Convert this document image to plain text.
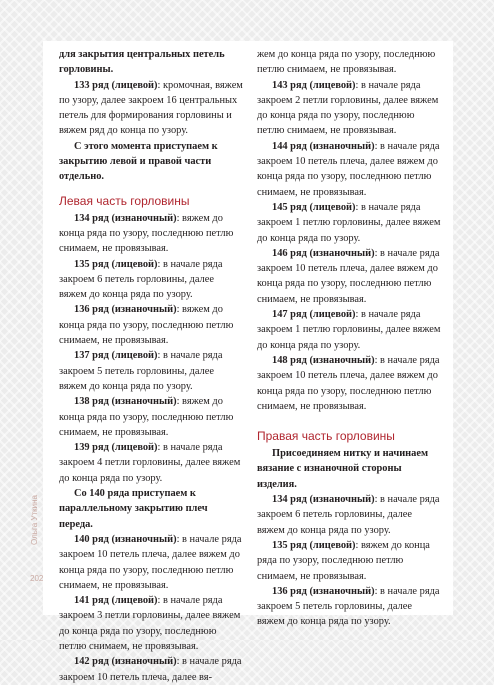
для закрытия центральных петель горловины.

133 ряд (лицевой): кромочная, вяжем по узору, далее закроем 16 центральных петель для формирования горловины и вяжем ряд до конца по узору.

С этого момента приступаем к закрытию левой и правой части отдельно.

Левая часть горловины

134 ряд (изнаночный): вяжем до конца ряда по узору, последнюю петлю снимаем, не провязывая.

135 ряд (лицевой): в начале ряда закроем 6 петель горловины, далее вяжем до конца ряда по узору.

136 ряд (изнаночный): вяжем до конца ряда по узору, последнюю петлю снимаем, не провязывая.

137 ряд (лицевой): в начале ряда закроем 5 петель горловины, далее вяжем до конца ряда по узору.

138 ряд (изнаночный): вяжем до конца ряда по узору, последнюю петлю снимаем, не провязывая.

139 ряд (лицевой): в начале ряда закроем 4 петли горловины, далее вяжем до конца ряда по узору.

Со 140 ряда приступаем к параллельному закрытию плеч переда.

140 ряд (изнаночный): в начале ряда закроем 10 петель плеча, далее вяжем до конца ряда по узору, последнюю петлю снимаем, не провязывая.

141 ряд (лицевой): в начале ряда закроем 3 петли горловины, далее вяжем до конца ряда по узору, последнюю петлю снимаем, не провязывая.

142 ряд (изнаночный): в начале ряда закроем 10 петель плеча, далее вя-

жем до конца ряда по узору, последнюю петлю снимаем, не провязывая.

143 ряд (лицевой): в начале ряда закроем 2 петли горловины, далее вяжем до конца ряда по узору, последнюю петлю снимаем, не провязывая.

144 ряд (изнаночный): в начале ряда закроем 10 петель плеча, далее вяжем до конца ряда по узору, последнюю петлю снимаем, не провязывая.

145 ряд (лицевой): в начале ряда закроем 1 петлю горловины, далее вяжем до конца ряда по узору.

146 ряд (изнаночный): в начале ряда закроем 10 петель плеча, далее вяжем до конца ряда по узору, последнюю петлю снимаем, не провязывая.

147 ряд (лицевой): в начале ряда закроем 1 петлю горловины, далее вяжем до конца ряда по узору.

148 ряд (изнаночный): в начале ряда закроем 10 петель плеча, далее вяжем до конца ряда по узору, последнюю петлю снимаем, не провязывая.

Правая часть горловины

Присоединяем нитку и начинаем вязание с изнаночной стороны изделия.

134 ряд (изнаночный): в начале ряда закроем 6 петель горловины, далее вяжем до конца ряда по узору.

135 ряд (лицевой): вяжем до конца ряда по узору, последнюю петлю снимаем, не провязывая.

136 ряд (изнаночный): в начале ряда закроем 5 петель горловины, далее вяжем до конца ряда по узору.

Ольга Уткина
202
